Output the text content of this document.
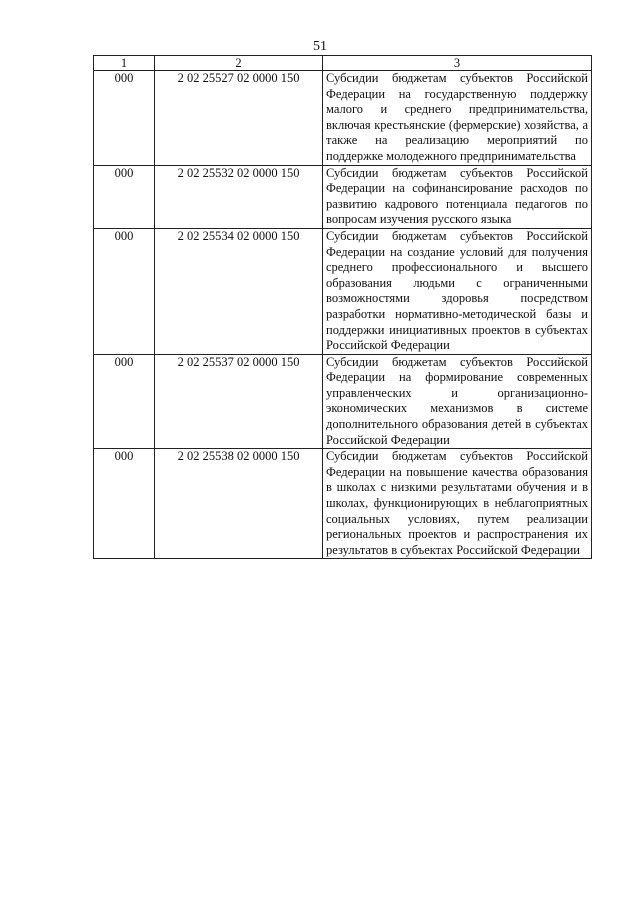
51
1	2	3
000	2 02 25527 02 0000 150	Субсидии бюджетам субъектов Российской Федерации на государственную поддержку малого и среднего предпринимательства, включая крестьянские (фермерские) хозяйства, а также на реализацию мероприятий по поддержке молодежного предпринимательства
000	2 02 25532 02 0000 150	Субсидии бюджетам субъектов Российской Федерации на софинансирование расходов по развитию кадрового потенциала педагогов по вопросам изучения русского языка
000	2 02 25534 02 0000 150	Субсидии бюджетам субъектов Российской Федерации на создание условий для получения среднего профессионального и высшего образования людьми с ограниченными возможностями здоровья посредством разработки нормативно-методической базы и поддержки инициативных проектов в субъектах Российской Федерации
000	2 02 25537 02 0000 150	Субсидии бюджетам субъектов Российской Федерации на формирование современных управленческих и организационно-экономических механизмов в системе дополнительного образования детей в субъектах Российской Федерации
000	2 02 25538 02 0000 150	Субсидии бюджетам субъектов Российской Федерации на повышение качества образования в школах с низкими результатами обучения и в школах, функционирующих в неблагоприятных социальных условиях, путем реализации региональных проектов и распространения их результатов в субъектах Российской Федерации
